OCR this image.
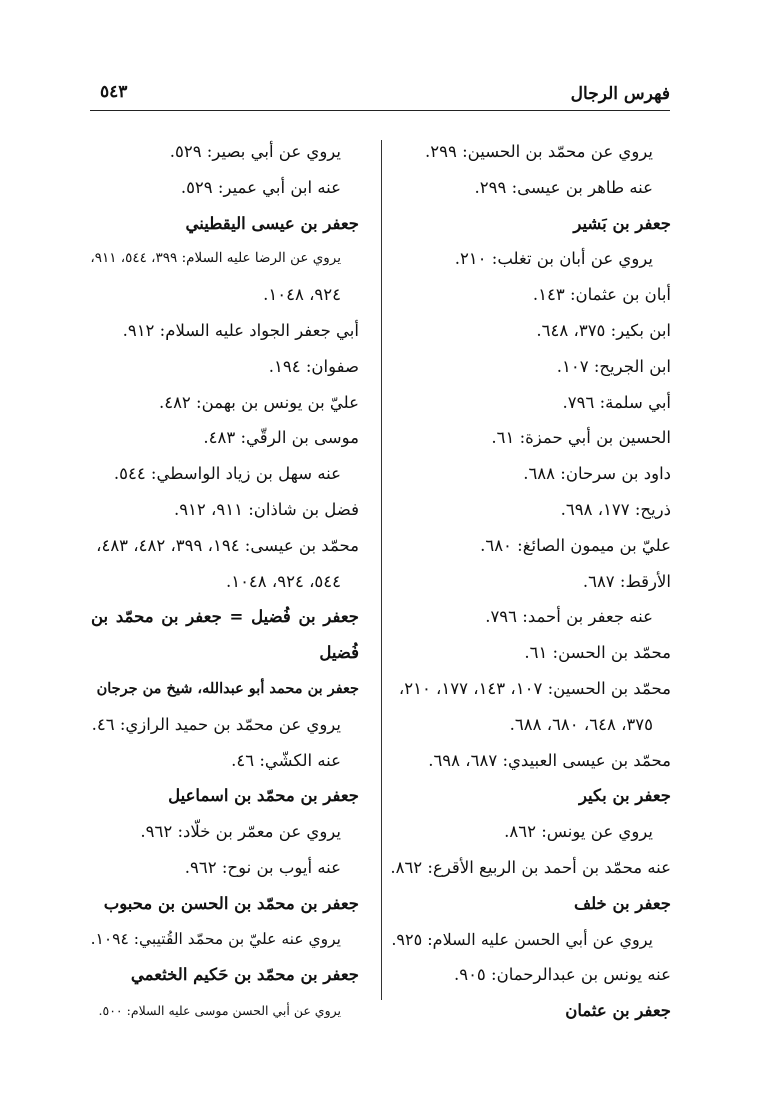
فهرس الرجال
٥٤٣
يروي عن محمّد بن الحسين: ٢٩٩.
عنه طاهر بن عيسى: ٢٩٩.
جعفر بن بَشير
يروي عن أبان بن تغلب: ٢١٠.
أبان بن عثمان: ١٤٣.
ابن بكير: ٣٧٥، ٦٤٨.
ابن الجريح: ١٠٧.
أبي سلمة: ٧٩٦.
الحسين بن أبي حمزة: ٦١.
داود بن سرحان: ٦٨٨.
ذريح: ١٧٧، ٦٩٨.
عليّ بن ميمون الصائغ: ٦٨٠.
الأرقط: ٦٨٧.
عنه جعفر بن أحمد: ٧٩٦.
محمّد بن الحسن: ٦١.
محمّد بن الحسين: ١٠٧، ١٤٣، ١٧٧، ٢١٠،
٣٧٥، ٦٤٨، ٦٨٠، ٦٨٨.
محمّد بن عيسى العبيدي: ٦٨٧، ٦٩٨.
جعفر بن بكير
يروي عن يونس: ٨٦٢.
عنه محمّد بن أحمد بن الربيع الأقرع: ٨٦٢.
جعفر بن خلف
يروي عن أبي الحسن عليه السلام: ٩٢٥.
عنه يونس بن عبدالرحمان: ٩٠٥.
جعفر بن عثمان
يروي عن أبي بصير: ٥٢٩.
عنه ابن أبي عمير: ٥٢٩.
جعفر بن عيسى اليقطيني
يروي عن الرضا عليه السلام: ٣٩٩، ٥٤٤، ٩١١،
٩٢٤، ١٠٤٨.
أبي جعفر الجواد عليه السلام: ٩١٢.
صفوان: ١٩٤.
عليّ بن يونس بن بهمن: ٤٨٢.
موسى بن الرقّي: ٤٨٣.
عنه سهل بن زياد الواسطي: ٥٤٤.
فضل بن شاذان: ٩١١، ٩١٢.
محمّد بن عيسى: ١٩٤، ٣٩٩، ٤٨٢، ٤٨٣،
٥٤٤، ٩٢٤، ١٠٤٨.
جعفر بن فُضيل = جعفر بن محمّد بن
فُضيل
جعفر بن محمد أبو عبدالله، شيخ من جرجان
يروي عن محمّد بن حميد الرازي: ٤٦.
عنه الكشّي: ٤٦.
جعفر بن محمّد بن اسماعيل
يروي عن معمّر بن خلّاد: ٩٦٢.
عنه أيوب بن نوح: ٩٦٢.
جعفر بن محمّد بن الحسن بن محبوب
يروي عنه عليّ بن محمّد القُتيبي: ١٠٩٤.
جعفر بن محمّد بن حَكيم الخثعمي
يروي عن أبي الحسن موسى عليه السلام: ٥٠٠.
